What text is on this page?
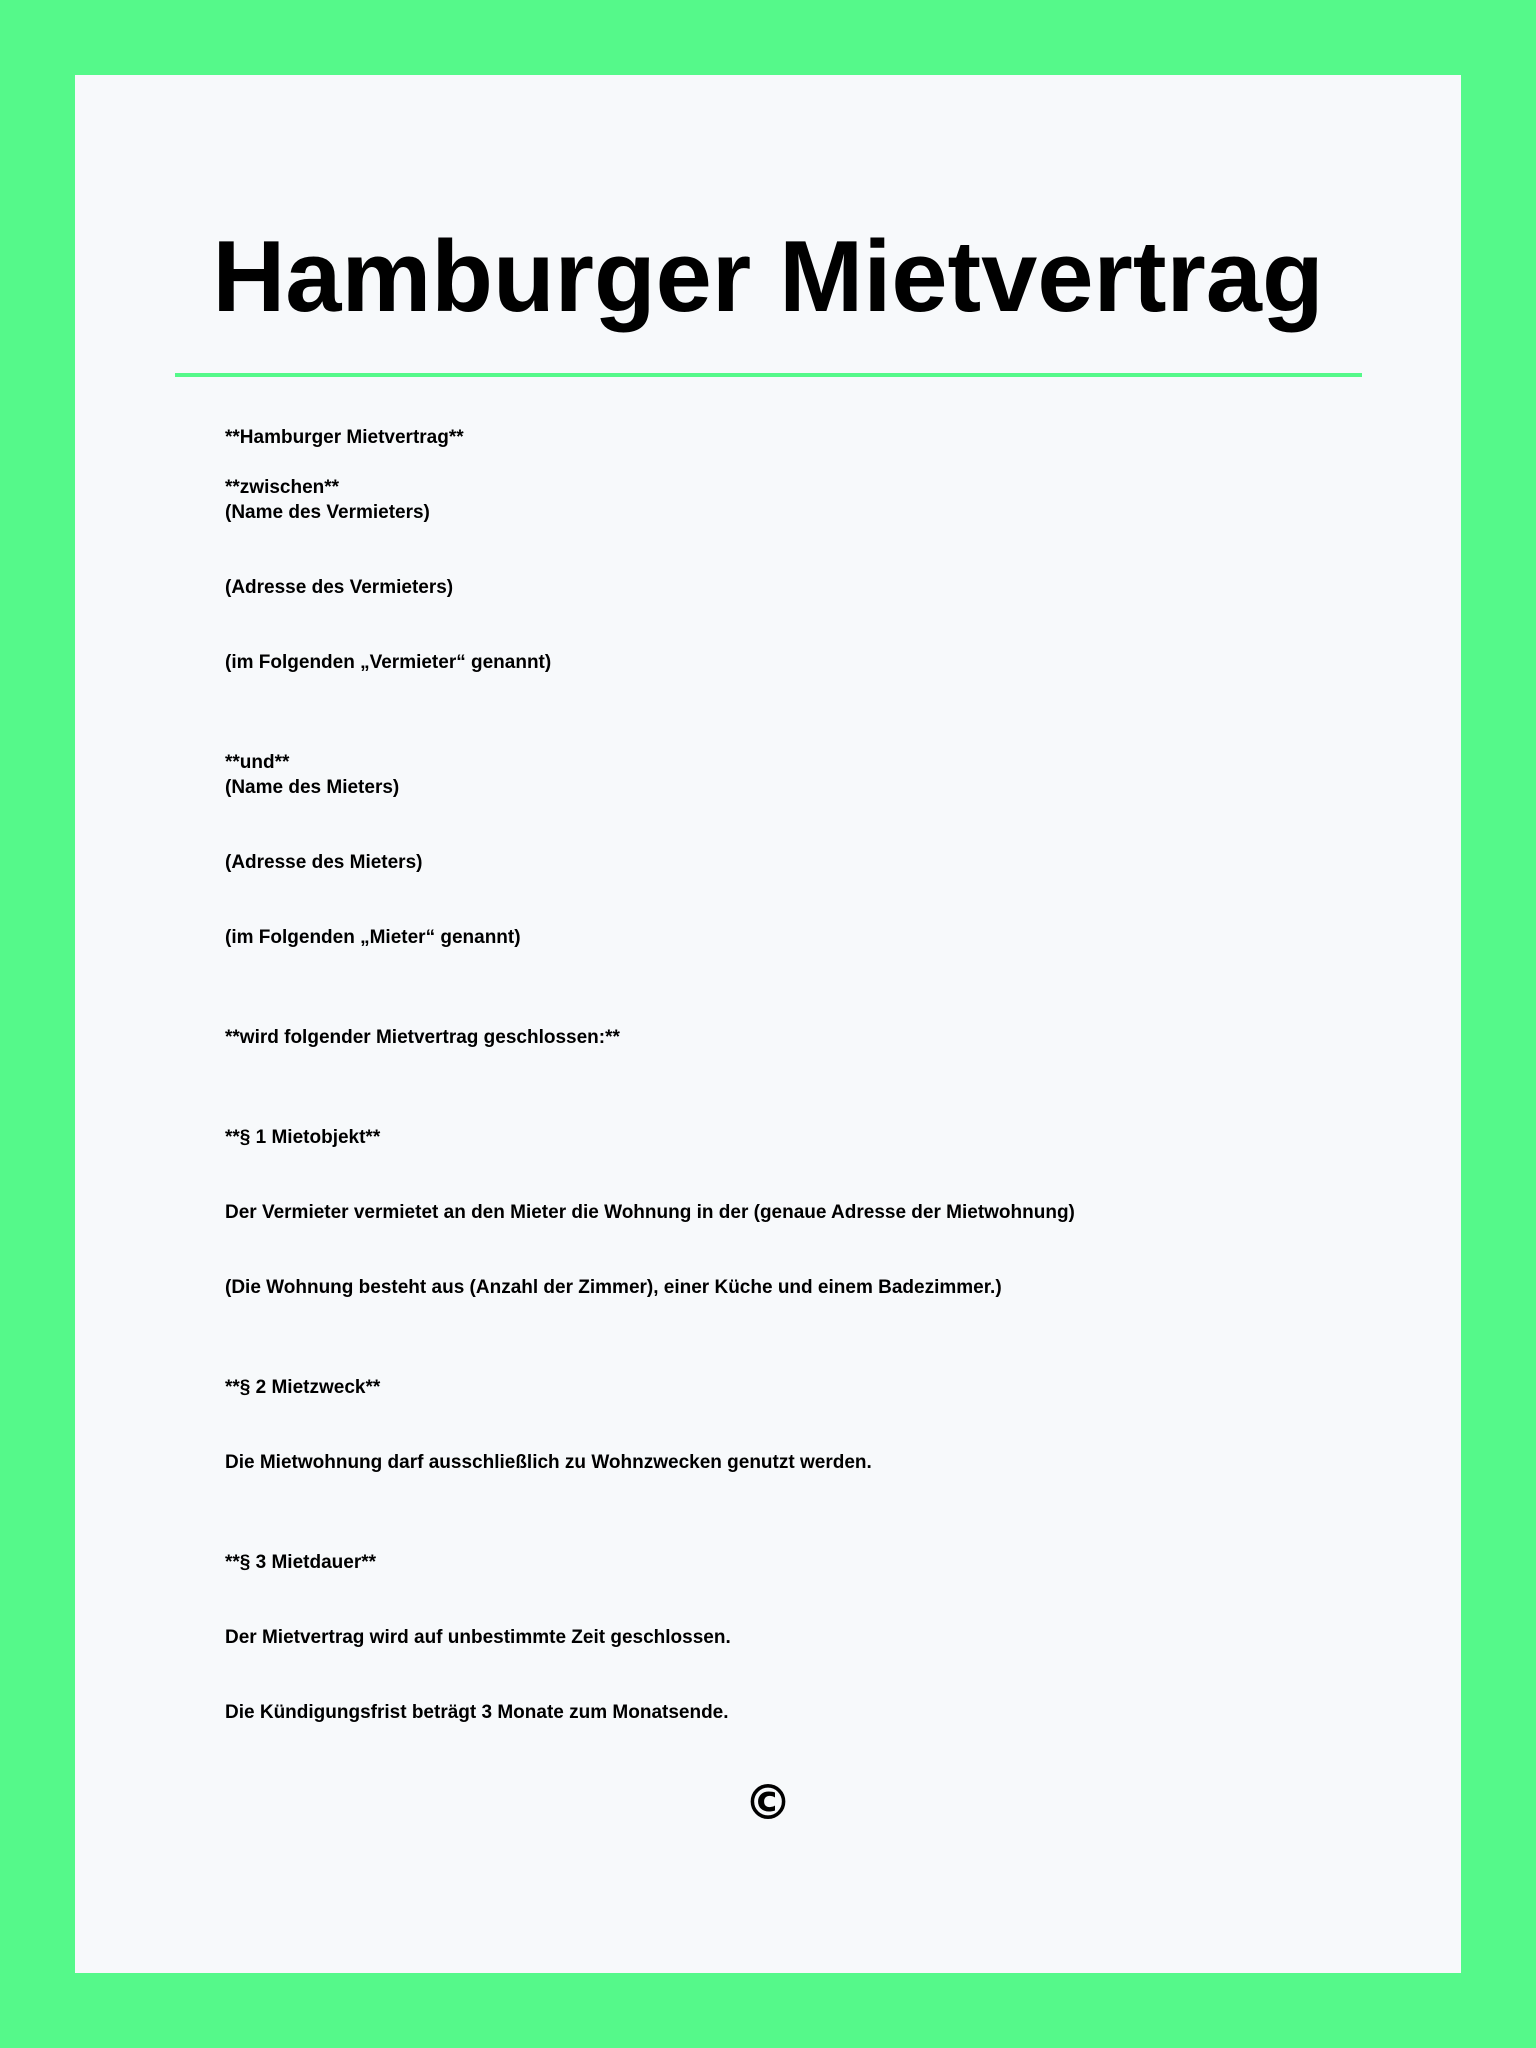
Hamburger Mietvertrag

**Hamburger Mietvertrag**

**zwischen**

(Name des Vermieters)

(Adresse des Vermieters)

(im Folgenden „Vermieter“ genannt)

**und**

(Name des Mieters)

(Adresse des Mieters)

(im Folgenden „Mieter“ genannt)

**wird folgender Mietvertrag geschlossen:**

**§ 1 Mietobjekt**

Der Vermieter vermietet an den Mieter die Wohnung in der (genaue Adresse der Mietwohnung)

(Die Wohnung besteht aus (Anzahl der Zimmer), einer Küche und einem Badezimmer.)

**§ 2 Mietzweck**

Die Mietwohnung darf ausschließlich zu Wohnzwecken genutzt werden.

**§ 3 Mietdauer**

Der Mietvertrag wird auf unbestimmte Zeit geschlossen.

Die Kündigungsfrist beträgt 3 Monate zum Monatsende.

©
